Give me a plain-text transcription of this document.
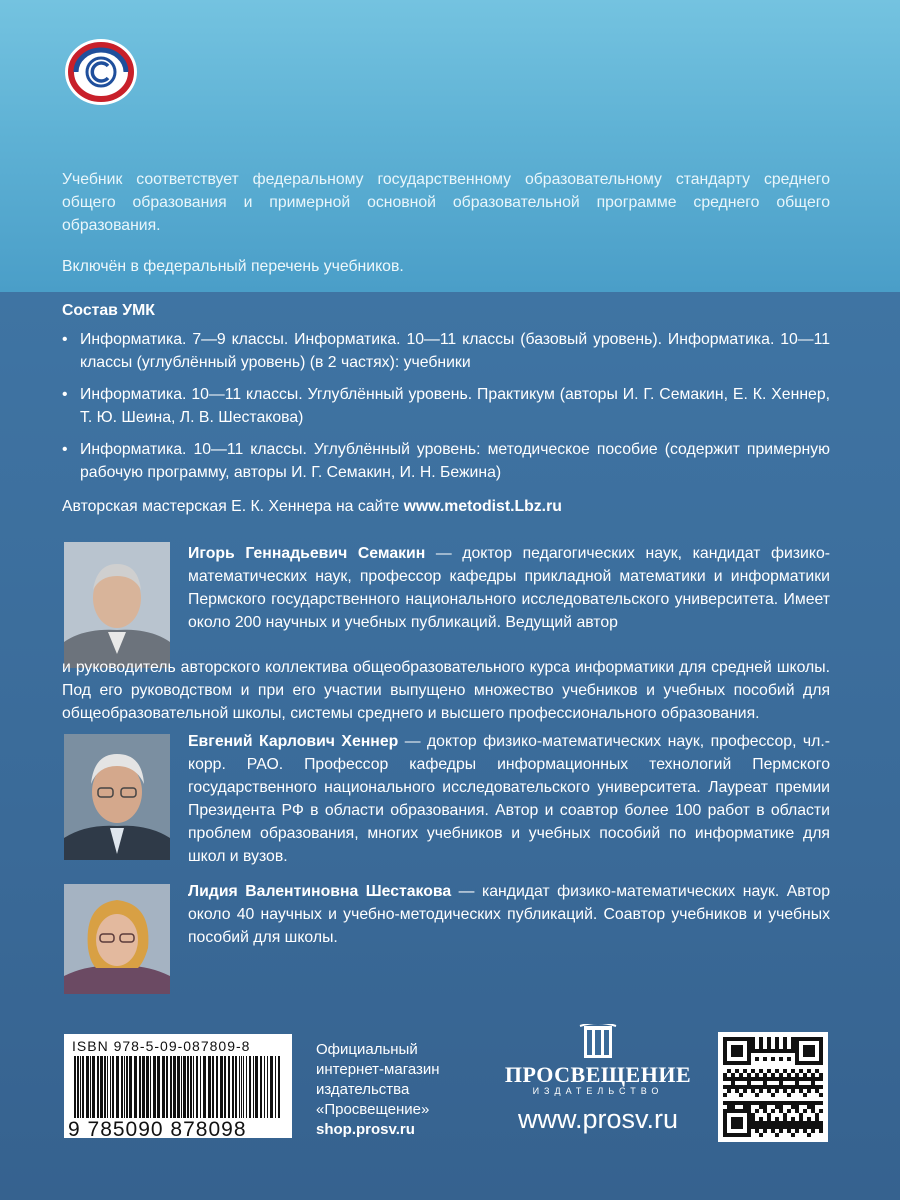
Учебник соответствует федеральному государственному образовательному стандарту среднего общего образования и примерной основной образовательной программе среднего общего образования.
Включён в федеральный перечень учебников.
Состав УМК
• Информатика. 7—9 классы. Информатика. 10—11 классы (базовый уровень). Информатика. 10—11 классы (углублённый уровень) (в 2 частях): учебники
• Информатика. 10—11 классы. Углублённый уровень. Практикум (авторы И. Г. Семакин, Е. К. Хеннер, Т. Ю. Шеина, Л. В. Шестакова)
• Информатика. 10—11 классы. Углублённый уровень: методическое пособие (содержит примерную рабочую программу, авторы И. Г. Семакин, И. Н. Бежина)
Авторская мастерская Е. К. Хеннера на сайте www.metodist.Lbz.ru
Игорь Геннадьевич Семакин — доктор педагогических наук, кандидат физико-математических наук, профессор кафедры прикладной математики и информатики Пермского государственного национального исследовательского университета. Имеет около 200 научных и учебных публикаций. Ведущий автор
и руководитель авторского коллектива общеобразовательного курса информатики для средней школы. Под его руководством и при его участии выпущено множество учебников и учебных пособий для общеобразовательной школы, системы среднего и высшего профессионального образования.
Евгений Карлович Хеннер — доктор физико-математических наук, профессор, чл.-корр. РАО. Профессор кафедры информационных технологий Пермского государственного национального исследовательского университета. Лауреат премии Президента РФ в области образования. Автор и соавтор более 100 работ в области проблем образования, многих учебников и учебных пособий по информатике для школ и вузов.
Лидия Валентиновна Шестакова — кандидат физико-математических наук. Автор около 40 научных и учебно-методических публикаций. Соавтор учебников и учебных пособий для школы.
ISBN 978-5-09-087809-8
9 785090 878098
Официальный
интернет-магазин
издательства
«Просвещение»
shop.prosv.ru
ПРОСВЕЩЕНИЕ
ИЗДАТЕЛЬСТВО
www.prosv.ru
